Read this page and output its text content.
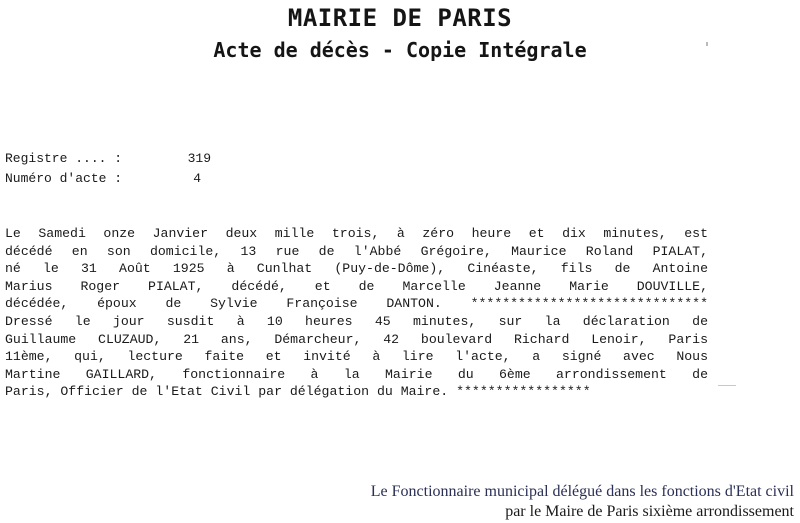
MAIRIE DE PARIS
Acte de décès - Copie Intégrale
Registre .... :	319
Numéro d'acte :	4
Le Samedi onze Janvier deux mille trois, à zéro heure et dix minutes, est
décédé en son domicile, 13 rue de l'Abbé Grégoire, Maurice Roland PIALAT,
né le 31 Août 1925 à Cunlhat (Puy-de-Dôme), Cinéaste, fils de Antoine
Marius Roger PIALAT, décédé, et de Marcelle Jeanne Marie DOUVILLE,
décédée, époux de Sylvie Françoise DANTON. ******************************
Dressé le jour susdit à 10 heures 45 minutes, sur la déclaration de
Guillaume CLUZAUD, 21 ans, Démarcheur, 42 boulevard Richard Lenoir, Paris
11ème, qui, lecture faite et invité à lire l'acte, a signé avec Nous
Martine GAILLARD, fonctionnaire à la Mairie du 6ème arrondissement de
Paris, Officier de l'Etat Civil par délégation du Maire. *****************
Le Fonctionnaire municipal délégué dans les fonctions d'Etat civil
par le Maire de Paris sixième arrondissement
